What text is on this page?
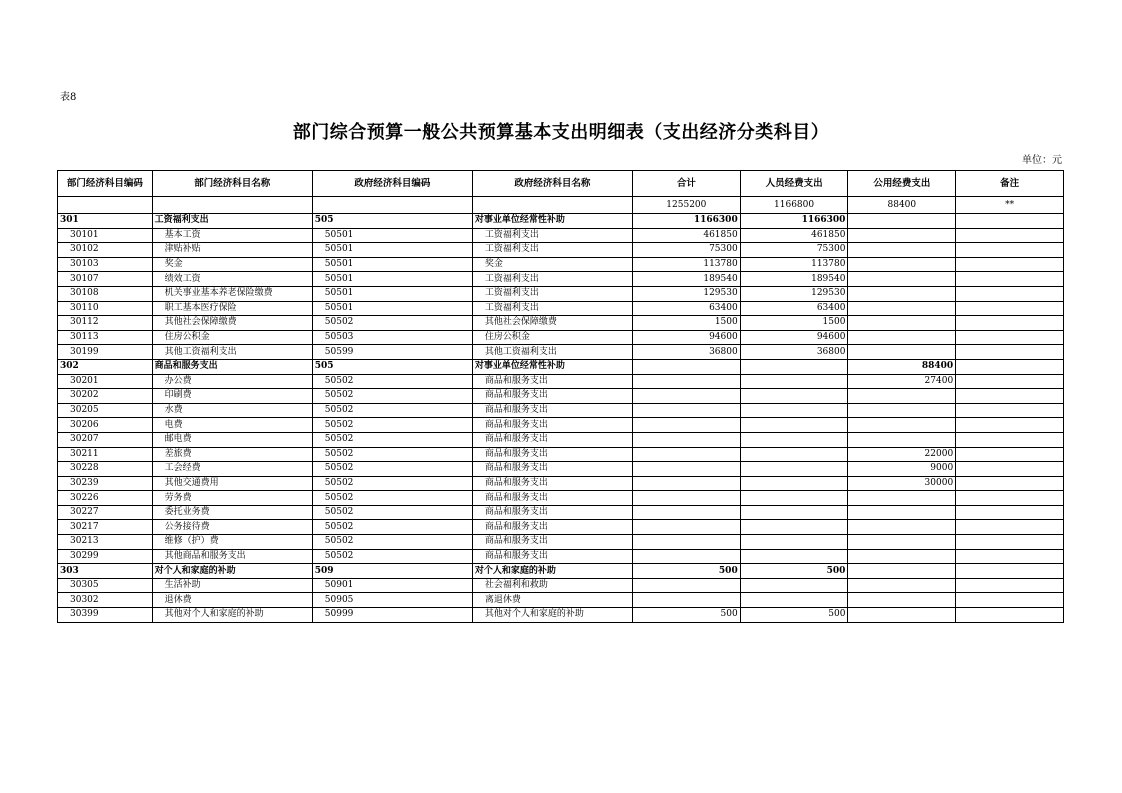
表8
部门综合预算一般公共预算基本支出明细表（支出经济分类科目）
单位：元
部门经济科目编码	部门经济科目名称	政府经济科目编码	政府经济科目名称	合计	人员经费支出	公用经费支出	备注
				1255200	1166800	88400	**
301	工资福利支出	505	对事业单位经常性补助	1166300	1166300		
30101	基本工资	50501	工资福利支出	461850	461850		
30102	津贴补贴	50501	工资福利支出	75300	75300		
30103	奖金	50501	奖金	113780	113780		
30107	绩效工资	50501	工资福利支出	189540	189540		
30108	机关事业基本养老保险缴费	50501	工资福利支出	129530	129530		
30110	职工基本医疗保险	50501	工资福利支出	63400	63400		
30112	其他社会保障缴费	50502	其他社会保障缴费	1500	1500		
30113	住房公积金	50503	住房公积金	94600	94600		
30199	其他工资福利支出	50599	其他工资福利支出	36800	36800		
302	商品和服务支出	505	对事业单位经常性补助			88400	
30201	办公费	50502	商品和服务支出			27400	
30202	印刷费	50502	商品和服务支出				
30205	水费	50502	商品和服务支出				
30206	电费	50502	商品和服务支出				
30207	邮电费	50502	商品和服务支出				
30211	差旅费	50502	商品和服务支出			22000	
30228	工会经费	50502	商品和服务支出			9000	
30239	其他交通费用	50502	商品和服务支出			30000	
30226	劳务费	50502	商品和服务支出				
30227	委托业务费	50502	商品和服务支出				
30217	公务接待费	50502	商品和服务支出				
30213	维修（护）费	50502	商品和服务支出				
30299	其他商品和服务支出	50502	商品和服务支出				
303	对个人和家庭的补助	509	对个人和家庭的补助	500	500		
30305	生活补助	50901	社会福利和救助				
30302	退休费	50905	离退休费				
30399	其他对个人和家庭的补助	50999	其他对个人和家庭的补助	500	500		
